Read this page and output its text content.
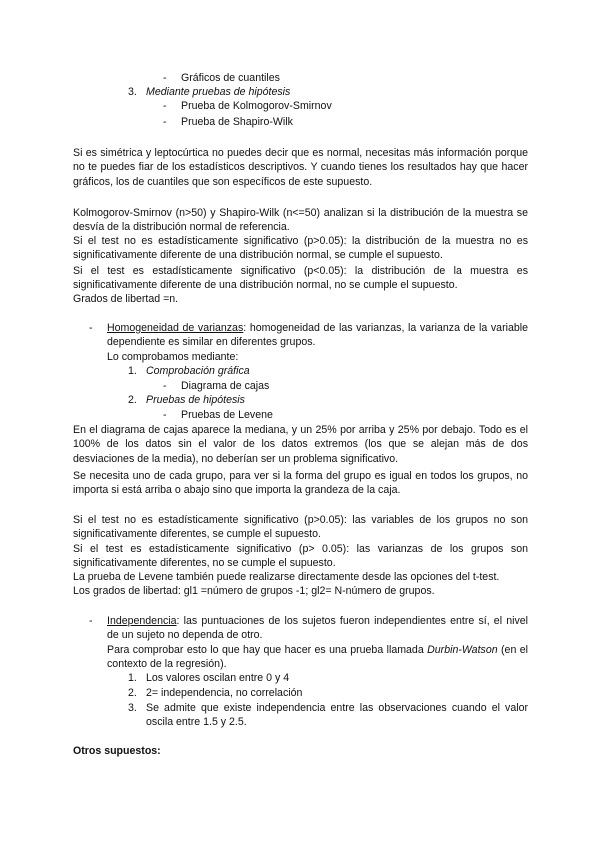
- Gráficos de cuantiles
3. Mediante pruebas de hipótesis
- Prueba de Kolmogorov-Smirnov
- Prueba de Shapiro-Wilk
Si es simétrica y leptocúrtica no puedes decir que es normal, necesitas más información porque no te puedes fiar de los estadísticos descriptivos. Y cuando tienes los resultados hay que hacer gráficos, los de cuantiles que son específicos de este supuesto.
Kolmogorov-Smirnov (n>50) y Shapiro-Wilk (n<=50) analizan si la distribución de la muestra se desvía de la distribución normal de referencia.
Si el test no es estadísticamente significativo (p>0.05): la distribución de la muestra no es significativamente diferente de una distribución normal, se cumple el supuesto.
Si el test es estadísticamente significativo (p<0.05): la distribución de la muestra es significativamente diferente de una distribución normal, no se cumple el supuesto.
Grados de libertad =n.
- Homogeneidad de varianzas: homogeneidad de las varianzas, la varianza de la variable dependiente es similar en diferentes grupos.
Lo comprobamos mediante:
1. Comprobación gráfica
- Diagrama de cajas
2. Pruebas de hipótesis
- Pruebas de Levene
En el diagrama de cajas aparece la mediana, y un 25% por arriba y 25% por debajo. Todo es el 100% de los datos sin el valor de los datos extremos (los que se alejan más de dos desviaciones de la media), no deberían ser un problema significativo.
Se necesita uno de cada grupo, para ver si la forma del grupo es igual en todos los grupos, no importa si está arriba o abajo sino que importa la grandeza de la caja.
Si el test no es estadísticamente significativo (p>0.05): las variables de los grupos no son significativamente diferentes, se cumple el supuesto.
Si el test es estadísticamente significativo (p> 0.05): las varianzas de los grupos son significativamente diferentes, no se cumple el supuesto.
La prueba de Levene también puede realizarse directamente desde las opciones del t-test.
Los grados de libertad: gl1 =número de grupos -1; gl2= N-número de grupos.
- Independencia: las puntuaciones de los sujetos fueron independientes entre sí, el nivel de un sujeto no dependa de otro.
Para comprobar esto lo que hay que hacer es una prueba llamada Durbin-Watson (en el contexto de la regresión).
1. Los valores oscilan entre 0 y 4
2. 2= independencia, no correlación
3. Se admite que existe independencia entre las observaciones cuando el valor oscila entre 1.5 y 2.5.
Otros supuestos:
